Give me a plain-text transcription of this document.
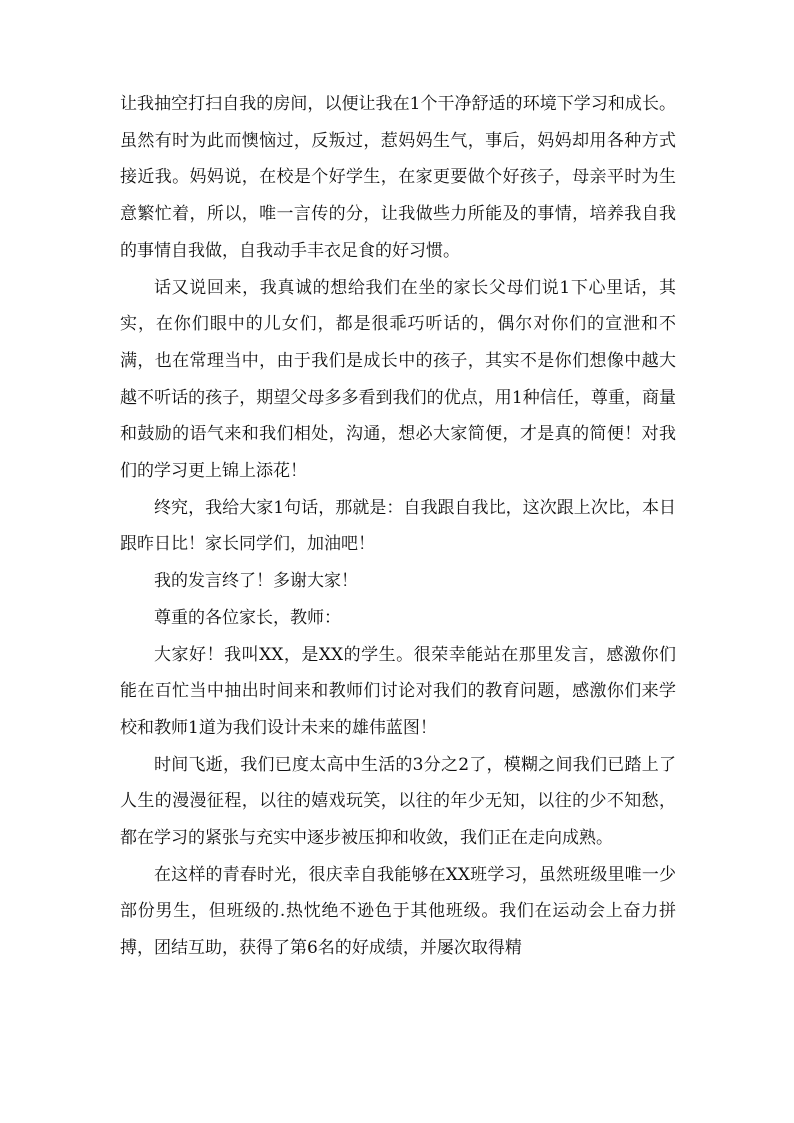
让我抽空打扫自我的房间，以便让我在1个干净舒适的环境下学习和成长。虽然有时为此而懊恼过，反叛过，惹妈妈生气，事后，妈妈却用各种方式接近我。妈妈说，在校是个好学生，在家更要做个好孩子，母亲平时为生意繁忙着，所以，唯一言传的分，让我做些力所能及的事情，培养我自我的事情自我做，自我动手丰衣足食的好习惯。

话又说回来，我真诚的想给我们在坐的家长父母们说1下心里话，其实，在你们眼中的儿女们，都是很乖巧听话的，偶尔对你们的宣泄和不满，也在常理当中，由于我们是成长中的孩子，其实不是你们想像中越大越不听话的孩子，期望父母多多看到我们的优点，用1种信任，尊重，商量和鼓励的语气来和我们相处，沟通，想必大家简便，才是真的简便！对我们的学习更上锦上添花！

终究，我给大家1句话，那就是：自我跟自我比，这次跟上次比，本日跟昨日比！家长同学们，加油吧！

我的发言终了！多谢大家！

尊重的各位家长，教师：

大家好！我叫XX，是XX的学生。很荣幸能站在那里发言，感激你们能在百忙当中抽出时间来和教师们讨论对我们的教育问题，感激你们来学校和教师1道为我们设计未来的雄伟蓝图！

时间飞逝，我们已度太高中生活的3分之2了，模糊之间我们已踏上了人生的漫漫征程，以往的嬉戏玩笑，以往的年少无知，以往的少不知愁，都在学习的紧张与充实中逐步被压抑和收敛，我们正在走向成熟。

在这样的青春时光，很庆幸自我能够在XX班学习，虽然班级里唯一少部份男生，但班级的.热忱绝不逊色于其他班级。我们在运动会上奋力拼搏，团结互助，获得了第6名的好成绩，并屡次取得精
